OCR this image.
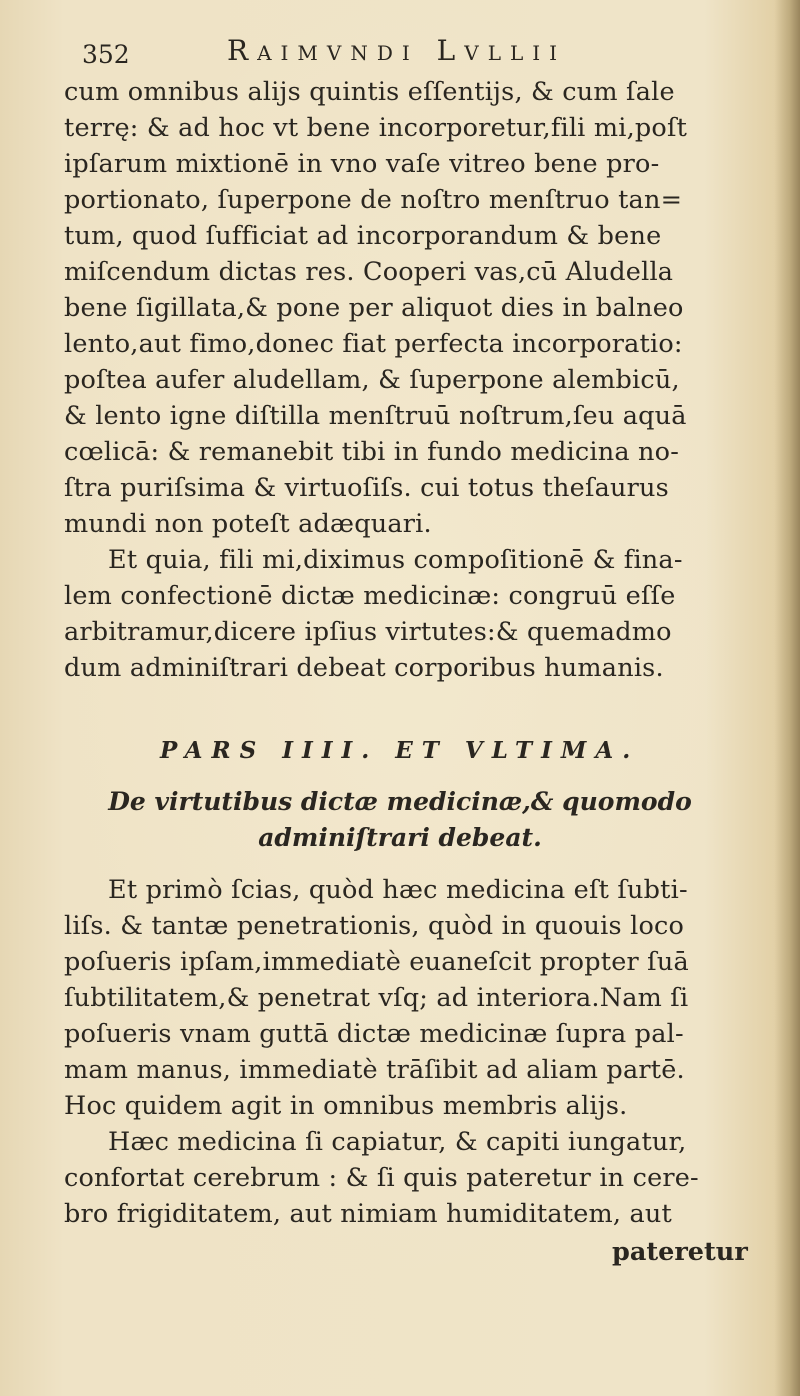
352	Raimvndi Lvllii
cum omnibus alijs quintis eſſentijs, & cum ſale
terrę: & ad hoc vt bene incorporetur,fili mi,poſt
ipſarum mixtionē in vno vaſe vitreo bene pro-
portionato, ſuperpone de noſtro menſtruo tan=
tum, quod ſufficiat ad incorporandum & bene
miſcendum dictas res. Cooperi vas,cū Aludella
bene ſigillata,& pone per aliquot dies in balneo
lento,aut fimo,donec fiat perfecta incorporatio:
poſtea aufer aludellam, & ſuperpone alembicū,
& lento igne diſtilla menſtruū noſtrum,ſeu aquā
cœlicā: & remanebit tibi in fundo medicina no-
ſtra puriſsima & virtuoſiſs. cui totus theſaurus
mundi non poteſt adæquari.
Et quia, fili mi,diximus compoſitionē & fina-
lem confectionē dictæ medicinæ: congruū eſſe
arbitramur,dicere ipſius virtutes:& quemadmo
dum adminiſtrari debeat corporibus humanis.
PARS IIII. ET VLTIMA.
De virtutibus dictæ medicinæ,& quomodo
adminiſtrari debeat.
Et primò ſcias, quòd hæc medicina eſt ſubti-
liſs. & tantæ penetrationis, quòd in quouis loco
poſueris ipſam,immediatè euaneſcit propter ſuā
ſubtilitatem,& penetrat vſq; ad interiora.Nam ſi
poſueris vnam guttā dictæ medicinæ ſupra pal-
mam manus, immediatè trāſibit ad aliam partē.
Hoc quidem agit in omnibus membris alijs.
Hæc medicina ſi capiatur, & capiti iungatur,
confortat cerebrum : & ſi quis pateretur in cere-
bro frigiditatem, aut nimiam humiditatem, aut
pateretur
